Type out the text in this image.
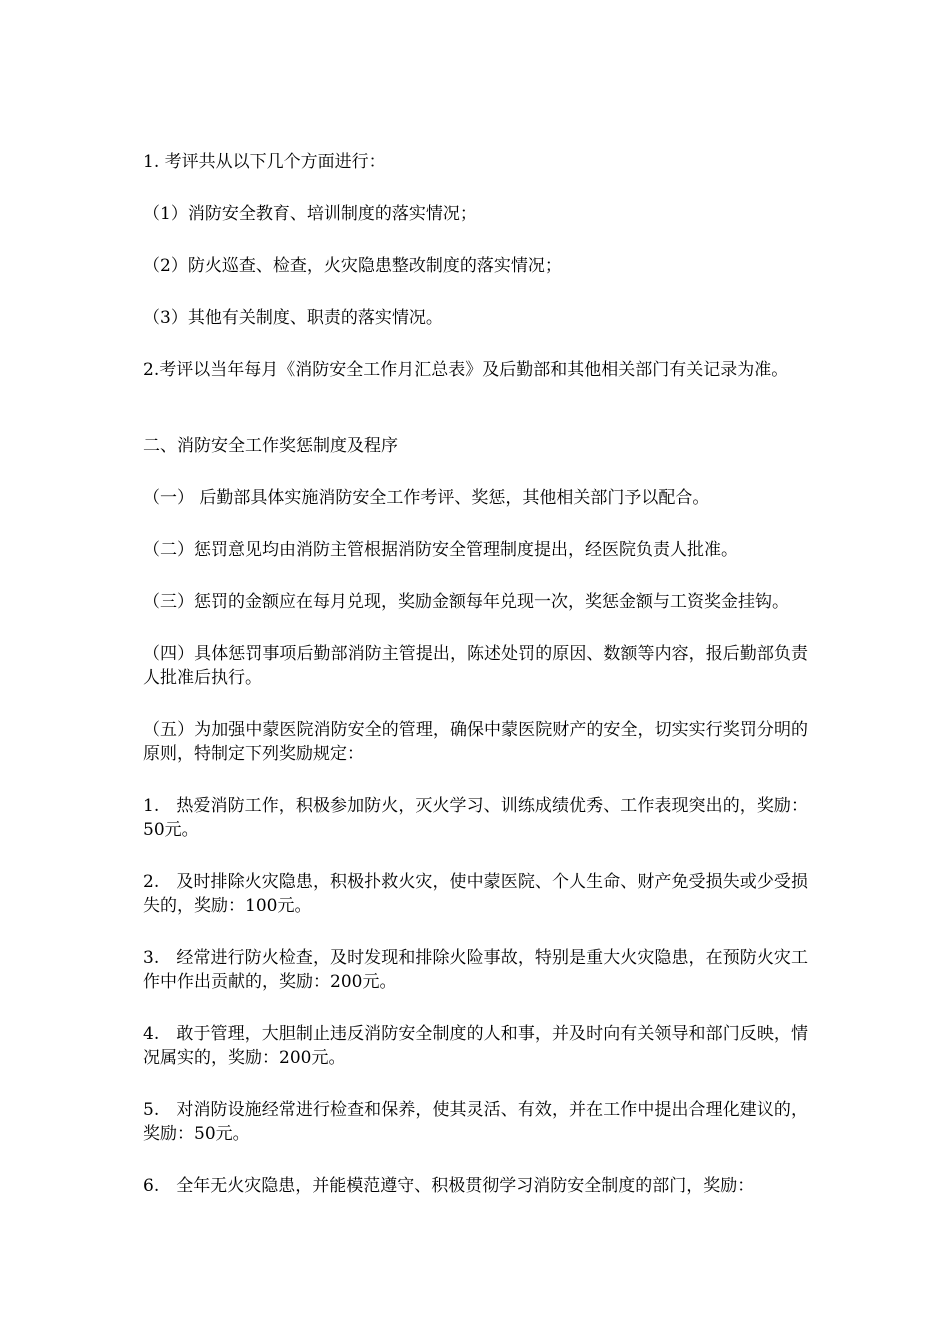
1. 考评共从以下几个方面进行：

（1）消防安全教育、培训制度的落实情况；

（2）防火巡查、检查，火灾隐患整改制度的落实情况；

（3）其他有关制度、职责的落实情况。

2.考评以当年每月《消防安全工作月汇总表》及后勤部和其他相关部门有关记录为准。

二、消防安全工作奖惩制度及程序

（一） 后勤部具体实施消防安全工作考评、奖惩，其他相关部门予以配合。

（二）惩罚意见均由消防主管根据消防安全管理制度提出，经医院负责人批准。

（三）惩罚的金额应在每月兑现，奖励金额每年兑现一次，奖惩金额与工资奖金挂钩。

（四）具体惩罚事项后勤部消防主管提出，陈述处罚的原因、数额等内容，报后勤部负责人批准后执行。

（五）为加强中蒙医院消防安全的管理，确保中蒙医院财产的安全，切实实行奖罚分明的原则，特制定下列奖励规定：

1.　热爱消防工作，积极参加防火，灭火学习、训练成绩优秀、工作表现突出的，奖励：50元。

2.　及时排除火灾隐患，积极扑救火灾，使中蒙医院、个人生命、财产免受损失或少受损失的，奖励：100元。

3.　经常进行防火检查，及时发现和排除火险事故，特别是重大火灾隐患，在预防火灾工作中作出贡献的，奖励：200元。

4.　敢于管理，大胆制止违反消防安全制度的人和事，并及时向有关领导和部门反映，情况属实的，奖励：200元。

5.　对消防设施经常进行检查和保养，使其灵活、有效，并在工作中提出合理化建议的，奖励：50元。

6.　全年无火灾隐患，并能模范遵守、积极贯彻学习消防安全制度的部门，奖励：
